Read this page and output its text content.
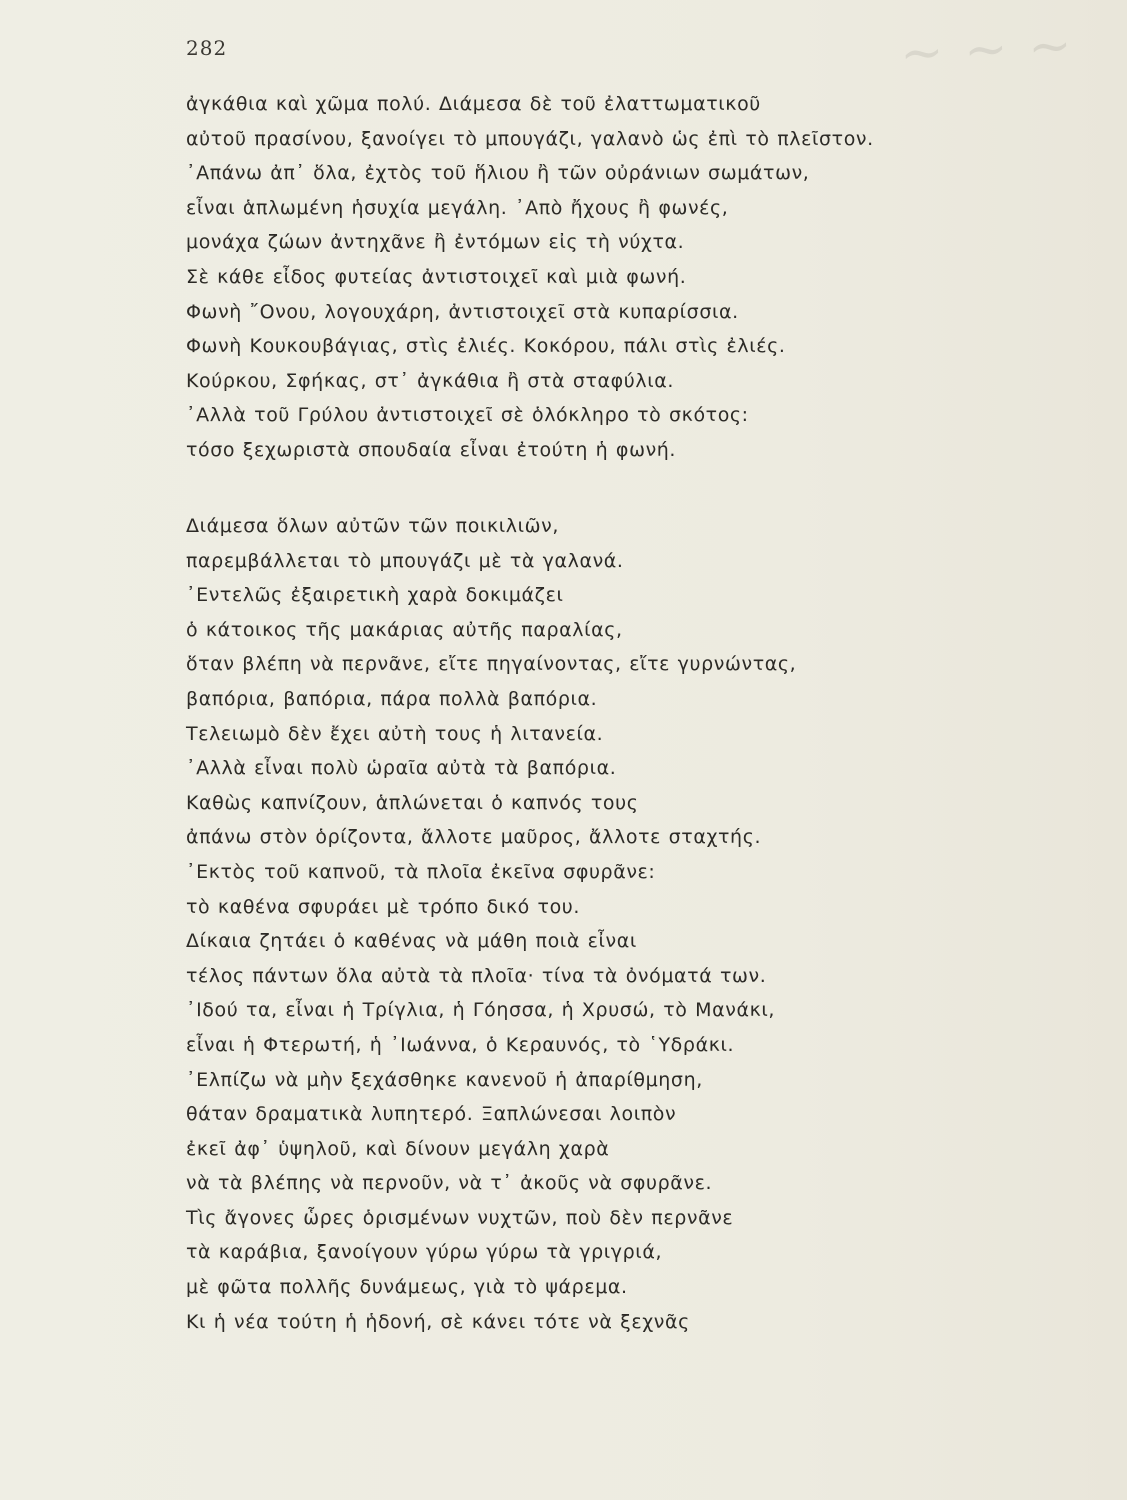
~ ~ ~
282
ἀγκάθια καὶ χῶμα πολύ. Διάμεσα δὲ τοῦ ἐλαττωματικοῦ
αὐτοῦ πρασίνου, ξανοίγει τὸ μπουγάζι, γαλανὸ ὡς ἐπὶ τὸ πλεῖστον.
᾿Απάνω ἀπ᾿ ὅλα, ἐχτὸς τοῦ ἥλιου ἢ τῶν οὐράνιων σωμάτων,
εἶναι ἁπλωμένη ἡσυχία μεγάλη. ᾿Απὸ ἤχους ἢ φωνές,
μονάχα ζώων ἀντηχᾶνε ἢ ἐντόμων εἰς τὴ νύχτα.
Σὲ κάθε εἶδος φυτείας ἀντιστοιχεῖ καὶ μιὰ φωνή.
Φωνὴ ῎Ονου, λογουχάρη, ἀντιστοιχεῖ στὰ κυπαρίσσια.
Φωνὴ Κουκουβάγιας, στὶς ἐλιές. Κοκόρου, πάλι στὶς ἐλιές.
Κούρκου, Σφήκας, στ᾿ ἀγκάθια ἢ στὰ σταφύλια.
᾿Αλλὰ τοῦ Γρύλου ἀντιστοιχεῖ σὲ ὁλόκληρο τὸ σκότος:
τόσο ξεχωριστὰ σπουδαία εἶναι ἐτούτη ἡ φωνή.
Διάμεσα ὅλων αὐτῶν τῶν ποικιλιῶν,
παρεμβάλλεται τὸ μπουγάζι μὲ τὰ γαλανά.
᾿Εντελῶς ἐξαιρετικὴ χαρὰ δοκιμάζει
ὁ κάτοικος τῆς μακάριας αὐτῆς παραλίας,
ὅταν βλέπη νὰ περνᾶνε, εἴτε πηγαίνοντας, εἴτε γυρνώντας,
βαπόρια, βαπόρια, πάρα πολλὰ βαπόρια.
Τελειωμὸ δὲν ἔχει αὐτὴ τους ἡ λιτανεία.
᾿Αλλὰ εἶναι πολὺ ὡραῖα αὐτὰ τὰ βαπόρια.
Καθὼς καπνίζουν, ἁπλώνεται ὁ καπνός τους
ἀπάνω στὸν ὁρίζοντα, ἄλλοτε μαῦρος, ἄλλοτε σταχτής.
᾿Εκτὸς τοῦ καπνοῦ, τὰ πλοῖα ἐκεῖνα σφυρᾶνε:
τὸ καθένα σφυράει μὲ τρόπο δικό του.
Δίκαια ζητάει ὁ καθένας νὰ μάθη ποιὰ εἶναι
τέλος πάντων ὅλα αὐτὰ τὰ πλοῖα· τίνα τὰ ὀνόματά των.
᾿Ιδού τα, εἶναι ἡ Τρίγλια, ἡ Γόησσα, ἡ Χρυσώ, τὸ Μανάκι,
εἶναι ἡ Φτερωτή, ἡ ᾿Ιωάννα, ὁ Κεραυνός, τὸ ῾Υδράκι.
᾿Ελπίζω νὰ μὴν ξεχάσθηκε κανενοῦ ἡ ἀπαρίθμηση,
θάταν δραματικὰ λυπητερό. Ξαπλώνεσαι λοιπὸν
ἐκεῖ ἀφ᾿ ὑψηλοῦ, καὶ δίνουν μεγάλη χαρὰ
νὰ τὰ βλέπης νὰ περνοῦν, νὰ τ᾿ ἀκοῦς νὰ σφυρᾶνε.
Τὶς ἄγονες ὧρες ὁρισμένων νυχτῶν, ποὺ δὲν περνᾶνε
τὰ καράβια, ξανοίγουν γύρω γύρω τὰ γριγριά,
μὲ φῶτα πολλῆς δυνάμεως, γιὰ τὸ ψάρεμα.
Κι ἡ νέα τούτη ἡ ἡδονή, σὲ κάνει τότε νὰ ξεχνᾶς
